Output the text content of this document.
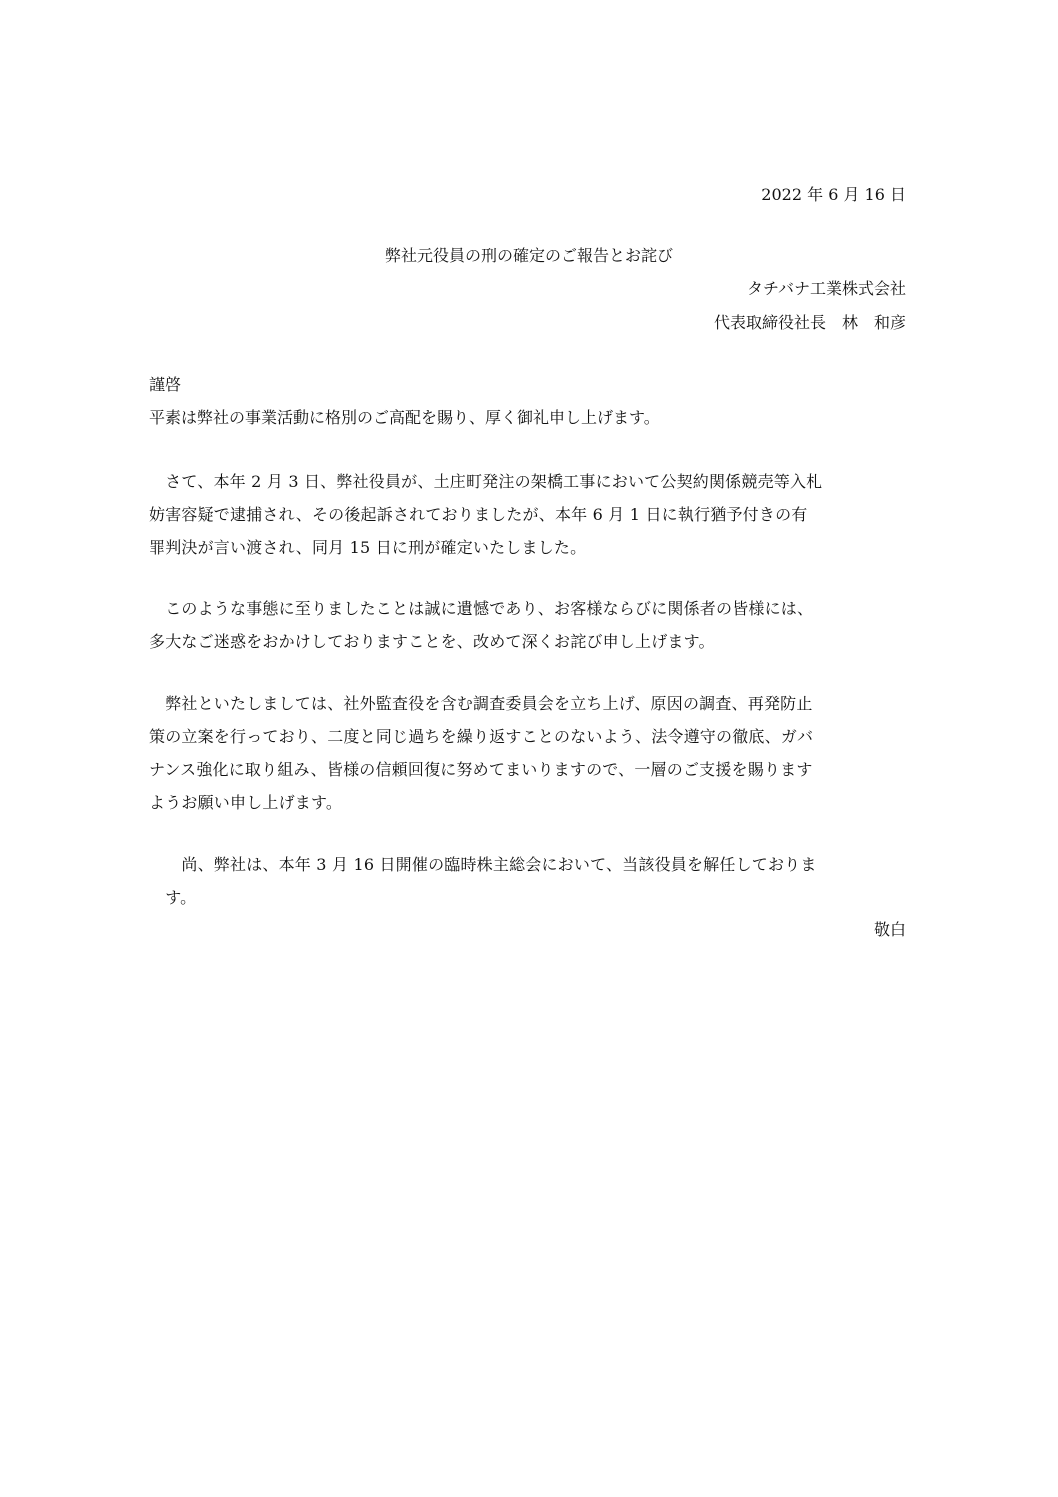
2022 年 6 月 16 日
弊社元役員の刑の確定のご報告とお詫び
タチバナ工業株式会社
代表取締役社長　林　和彦
謹啓
平素は弊社の事業活動に格別のご高配を賜り、厚く御礼申し上げます。
　さて、本年 2 月 3 日、弊社役員が、土庄町発注の架橋工事において公契約関係競売等入札
妨害容疑で逮捕され、その後起訴されておりましたが、本年 6 月 1 日に執行猶予付きの有
罪判決が言い渡され、同月 15 日に刑が確定いたしました。
　このような事態に至りましたことは誠に遺憾であり、お客様ならびに関係者の皆様には、
多大なご迷惑をおかけしておりますことを、改めて深くお詫び申し上げます。
　弊社といたしましては、社外監査役を含む調査委員会を立ち上げ、原因の調査、再発防止
策の立案を行っており、二度と同じ過ちを繰り返すことのないよう、法令遵守の徹底、ガバ
ナンス強化に取り組み、皆様の信頼回復に努めてまいりますので、一層のご支援を賜ります
ようお願い申し上げます。
　　尚、弊社は、本年 3 月 16 日開催の臨時株主総会において、当該役員を解任しておりま
　す。
敬白
